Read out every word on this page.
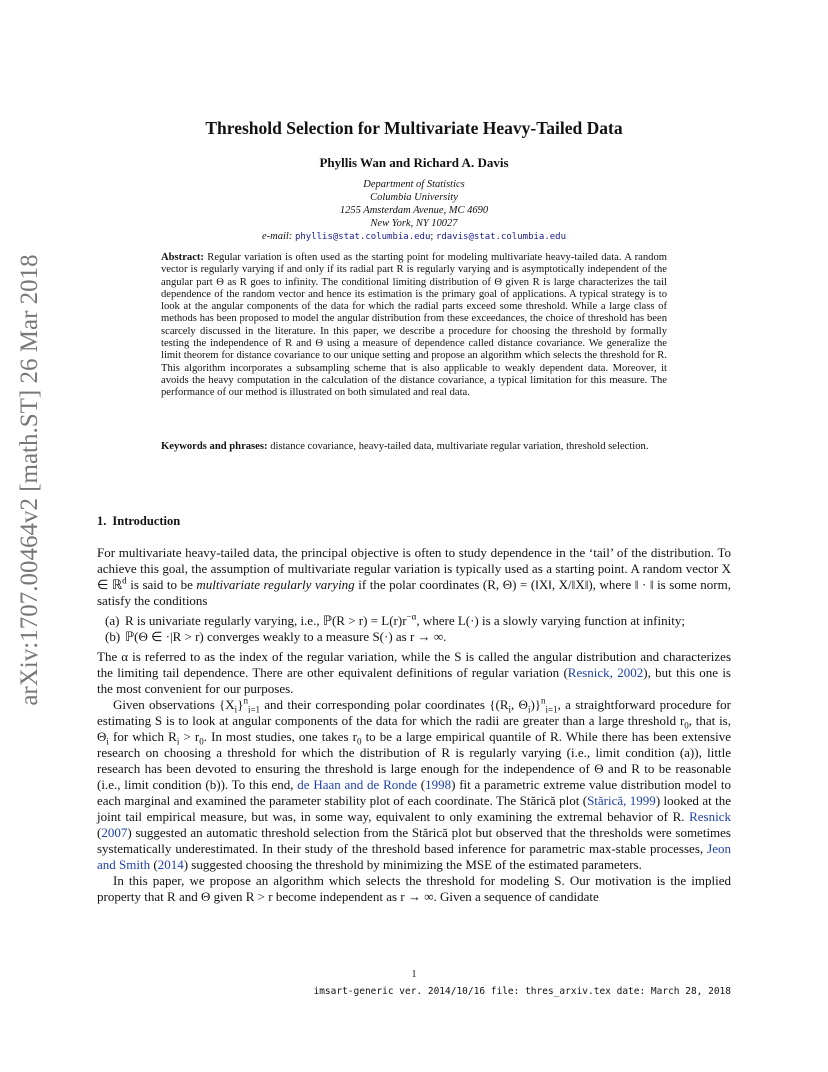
arXiv:1707.00464v2 [math.ST] 26 Mar 2018
Threshold Selection for Multivariate Heavy-Tailed Data
Phyllis Wan and Richard A. Davis
Department of Statistics
Columbia University
1255 Amsterdam Avenue, MC 4690
New York, NY 10027
e-mail: phyllis@stat.columbia.edu; rdavis@stat.columbia.edu

Abstract: Regular variation is often used as the starting point for modeling multivariate heavy-tailed data. A random vector is regularly varying if and only if its radial part R is regularly varying and is asymptotically independent of the angular part Θ as R goes to infinity. The conditional limiting distribution of Θ given R is large characterizes the tail dependence of the random vector and hence its estimation is the primary goal of applications. A typical strategy is to look at the angular components of the data for which the radial parts exceed some threshold. While a large class of methods has been proposed to model the angular distribution from these exceedances, the choice of threshold has been scarcely discussed in the literature. In this paper, we describe a procedure for choosing the threshold by formally testing the independence of R and Θ using a measure of dependence called distance covariance. We generalize the limit theorem for distance covariance to our unique setting and propose an algorithm which selects the threshold for R. This algorithm incorporates a subsampling scheme that is also applicable to weakly dependent data. Moreover, it avoids the heavy computation in the calculation of the distance covariance, a typical limitation for this measure. The performance of our method is illustrated on both simulated and real data.

Keywords and phrases: distance covariance, heavy-tailed data, multivariate regular variation, threshold selection.

1. Introduction

For multivariate heavy-tailed data, the principal objective is often to study dependence in the ‘tail’ of the distribution. To achieve this goal, the assumption of multivariate regular variation is typically used as a starting point. A random vector X ∈ ℝ$^d$ is said to be multivariate regularly varying if the polar coordinates (R, Θ) = (‖X‖, X/‖X‖), where ‖ · ‖ is some norm, satisfy the conditions

(a) R is univariate regularly varying, i.e., ℙ(R > $r) = L(r)r^{-\alpha}$, where L(·) is a slowly varying function at infinity;
(b) ℙ(Θ ∈ ·|R > r) converges weakly to a measure S(·) as r → ∞.

The α is referred to as the index of the regular variation, while the S is called the angular distribution and characterizes the limiting tail dependence. There are other equivalent definitions of regular variation (Resnick, 2002), but this one is the most convenient for our purposes.

Given observations $\{X_i\}^n_{i=1}$ and their corresponding polar coordinates {($R_i$, $\Theta_i)\}^n_{i=1}$, a straightforward procedure for estimating S is to look at angular components of the data for which the radii are greater than a large threshold $r_0$, that is, $\Theta_i$ for which $R_i > r_0$. In most studies, one takes $r_0$ to be a large empirical quantile of R. While there has been extensive research on choosing a threshold for which the distribution of R is regularly varying (i.e., limit condition (a)), little research has been devoted to ensuring the threshold is large enough for the independence of Θ and R to be reasonable (i.e., limit condition (b)). To this end, de Haan and de Ronde (1998) fit a parametric extreme value distribution model to each marginal and examined the parameter stability plot of each coordinate. The Stărică plot (Stărică, 1999) looked at the joint tail empirical measure, but was, in some way, equivalent to only examining the extremal behavior of R. Resnick (2007) suggested an automatic threshold selection from the Stărică plot but observed that the thresholds were sometimes systematically underestimated. In their study of the threshold based inference for parametric max-stable processes, Jeon and Smith (2014) suggested choosing the threshold by minimizing the MSE of the estimated parameters.

In this paper, we propose an algorithm which selects the threshold for modeling S. Our motivation is the implied property that R and Θ given R > r become independent as r → ∞. Given a sequence of candidate

1
imsart-generic ver. 2014/10/16 file: thres_arxiv.tex date: March 28, 2018
